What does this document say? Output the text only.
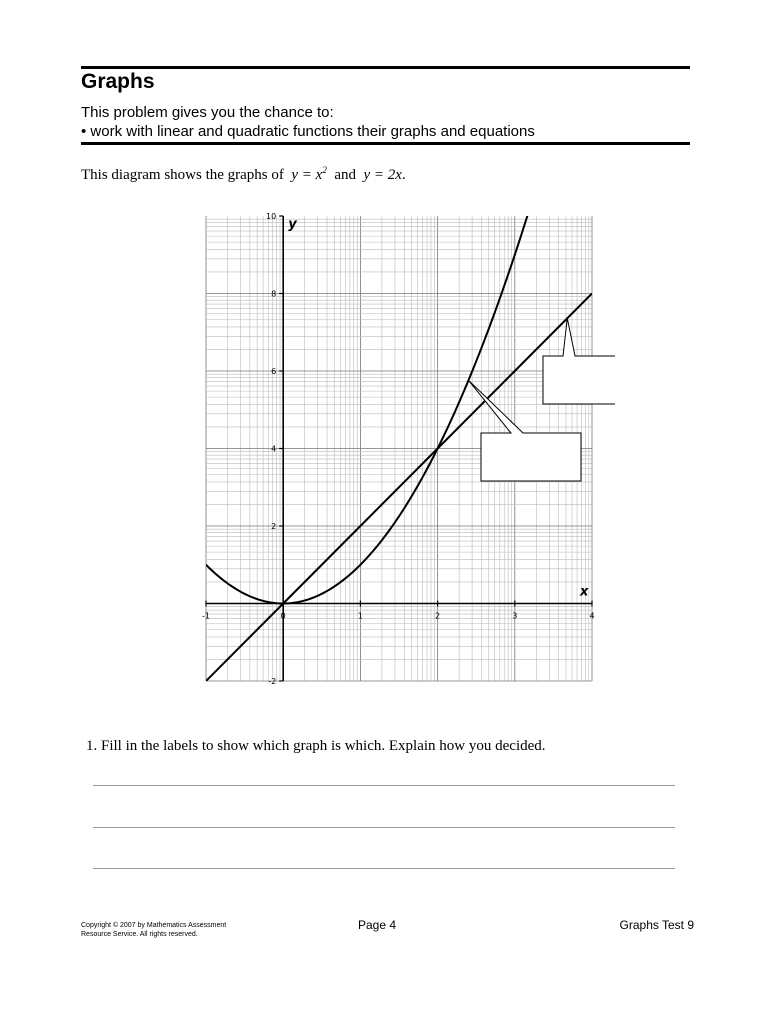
Graphs
This problem gives you the chance to:
• work with linear and quadratic functions their graphs and equations
This diagram shows the graphs of $y = x^2$ and y = 2x.
x
y
-1	0	1	2	3	4
-2
2
4
6
8
10
1. Fill in the labels to show which graph is which. Explain how you decided.
Copyright © 2007 by Mathematics Assessment
Resource Service. All rights reserved.
Page 4	Graphs Test 9
